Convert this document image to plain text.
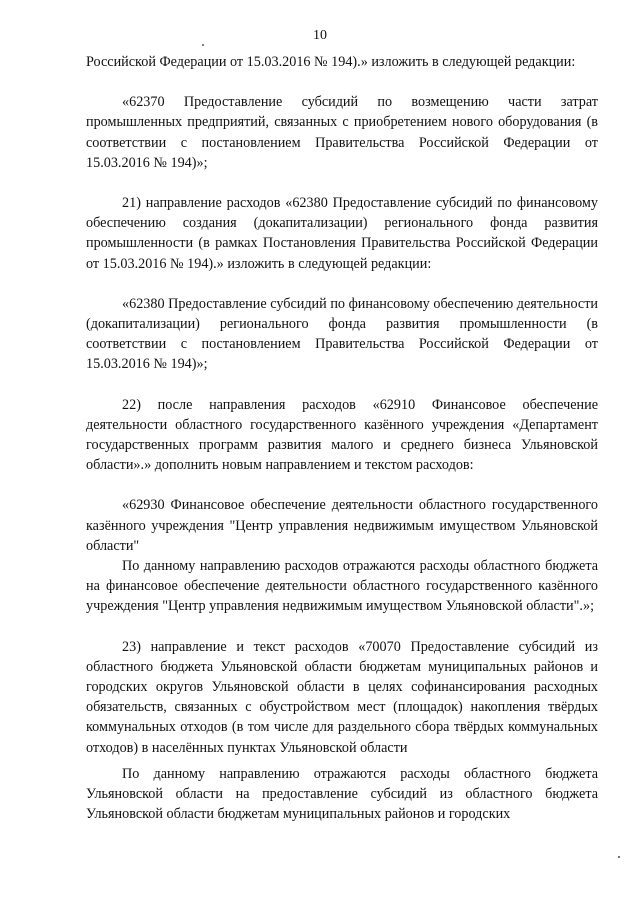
10

Российской Федерации от 15.03.2016 № 194).» изложить в следующей редакции:

«62370 Предоставление субсидий по возмещению части затрат промышленных предприятий, связанных с приобретением нового оборудования (в соответствии с постановлением Правительства Российской Федерации от 15.03.2016 № 194)»;

21) направление расходов «62380 Предоставление субсидий по финансовому обеспечению создания (докапитализации) регионального фонда развития промышленности (в рамках Постановления Правительства Российской Федерации от 15.03.2016 № 194).» изложить в следующей редакции:

«62380 Предоставление субсидий по финансовому обеспечению деятельности (докапитализации) регионального фонда развития промышленности (в соответствии с постановлением Правительства Российской Федерации от 15.03.2016 № 194)»;

22) после направления расходов «62910 Финансовое обеспечение деятельности областного государственного казённого учреждения «Департамент государственных программ развития малого и среднего бизнеса Ульяновской области».» дополнить новым направлением и текстом расходов:

«62930 Финансовое обеспечение деятельности областного государственного казённого учреждения "Центр управления недвижимым имуществом Ульяновской области"

По данному направлению расходов отражаются расходы областного бюджета на финансовое обеспечение деятельности областного государственного казённого учреждения "Центр управления недвижимым имуществом Ульяновской области".»;

23) направление и текст расходов «70070 Предоставление субсидий из областного бюджета Ульяновской области бюджетам муниципальных районов и городских округов Ульяновской области в целях софинансирования расходных обязательств, связанных с обустройством мест (площадок) накопления твёрдых коммунальных отходов (в том числе для раздельного сбора твёрдых коммунальных отходов) в населённых пунктах Ульяновской области

По данному направлению отражаются расходы областного бюджета Ульяновской области на предоставление субсидий из областного бюджета Ульяновской области бюджетам муниципальных районов и городских
